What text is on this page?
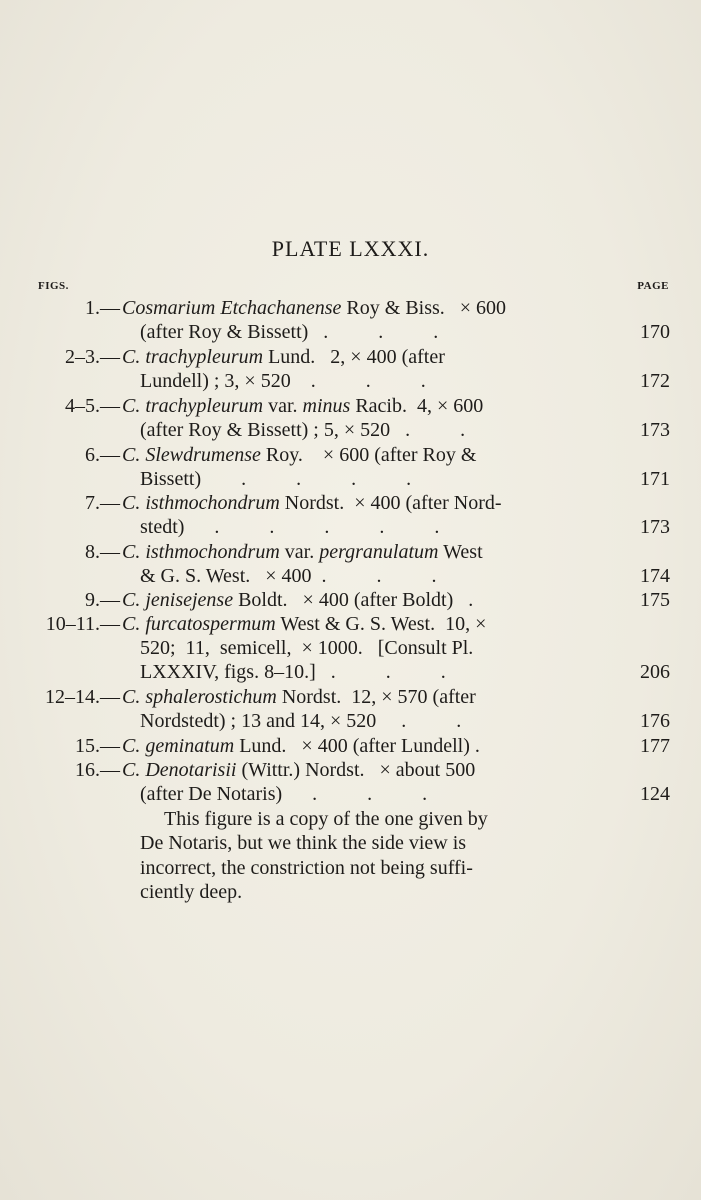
PLATE LXXXI.
FIGS.	PAGE
1.— Cosmarium Etchachanense Roy & Biss.   × 600
(after Roy & Bissett)   .          .          .	170
2–3.— C. trachypleurum Lund.   2, × 400 (after
Lundell) ; 3, × 520    .          .          .	172
4–5.— C. trachypleurum var. minus Racib.  4, × 600
(after Roy & Bissett) ; 5, × 520   .          .	173
6.— C. Slewdrumense Roy.    × 600 (after Roy &
Bissett)        .          .          .          .	171
7.— C. isthmochondrum Nordst.  × 400 (after Nord-
stedt)      .          .          .          .          .	173
8.— C. isthmochondrum var. pergranulatum West
& G. S. West.   × 400  .          .          .	174
9.— C. jenisejense Boldt.   × 400 (after Boldt)   .	175
10–11.— C. furcatospermum West & G. S. West.  10, ×
520;  11,  semicell,  × 1000.   [Consult Pl.
LXXXIV, figs. 8–10.]   .          .          .	206
12–14.— C. sphalerostichum Nordst.  12, × 570 (after
Nordstedt) ; 13 and 14, × 520     .          .	176
15.— C. geminatum Lund.   × 400 (after Lundell) .	177
16.— C. Denotarisii (Wittr.) Nordst.   × about 500
(after De Notaris)      .          .          .	124
This figure is a copy of the one given by
De Notaris, but we think the side view is
incorrect, the constriction not being suffi-
ciently deep.
